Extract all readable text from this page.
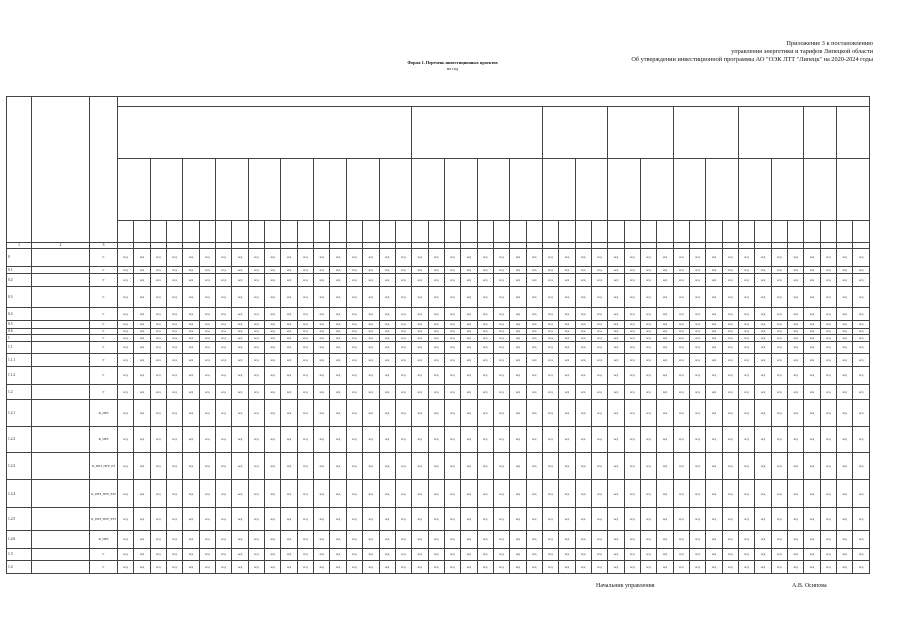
Приложение 3 к постановлению
управления энергетики и тарифов Липецкой области
Об утверждении инвестиционной программы АО "ОЭК ЛТТ "Липецк" на 2020-2024 годы
Форма 1. Перечень инвестиционных проектов
на год

1	2	3																																														
0		Г	н/д	н/д	н/д	н/д	н/д	н/д	н/д	н/д	н/д	н/д	н/д	н/д	н/д	н/д	н/д	н/д	н/д	н/д	н/д	н/д	н/д	н/д	н/д	н/д	н/д	н/д	н/д	н/д	н/д	н/д	н/д	н/д	н/д	н/д	н/д	н/д	н/д	н/д	н/д	н/д	н/д	н/д	н/д	н/д	н/д	н/д
0.1		Г	н/д	н/д	н/д	н/д	н/д	н/д	н/д	н/д	н/д	н/д	н/д	н/д	н/д	н/д	н/д	н/д	н/д	н/д	н/д	н/д	н/д	н/д	н/д	н/д	н/д	н/д	н/д	н/д	н/д	н/д	н/д	н/д	н/д	н/д	н/д	н/д	н/д	н/д	н/д	н/д	н/д	н/д	н/д	н/д	н/д	н/д
0.2		Г	н/д	н/д	н/д	н/д	н/д	н/д	н/д	н/д	н/д	н/д	н/д	н/д	н/д	н/д	н/д	н/д	н/д	н/д	н/д	н/д	н/д	н/д	н/д	н/д	н/д	н/д	н/д	н/д	н/д	н/д	н/д	н/д	н/д	н/д	н/д	н/д	н/д	н/д	н/д	н/д	н/д	н/д	н/д	н/д	н/д	н/д
0.3		Г	н/д	н/д	н/д	н/д	н/д	н/д	н/д	н/д	н/д	н/д	н/д	н/д	н/д	н/д	н/д	н/д	н/д	н/д	н/д	н/д	н/д	н/д	н/д	н/д	н/д	н/д	н/д	н/д	н/д	н/д	н/д	н/д	н/д	н/д	н/д	н/д	н/д	н/д	н/д	н/д	н/д	н/д	н/д	н/д	н/д	н/д
0.4		Г	н/д	н/д	н/д	н/д	н/д	н/д	н/д	н/д	н/д	н/д	н/д	н/д	н/д	н/д	н/д	н/д	н/д	н/д	н/д	н/д	н/д	н/д	н/д	н/д	н/д	н/д	н/д	н/д	н/д	н/д	н/д	н/д	н/д	н/д	н/д	н/д	н/д	н/д	н/д	н/д	н/д	н/д	н/д	н/д	н/д	н/д
0.5		Г	н/д	н/д	н/д	н/д	н/д	н/д	н/д	н/д	н/д	н/д	н/д	н/д	н/д	н/д	н/д	н/д	н/д	н/д	н/д	н/д	н/д	н/д	н/д	н/д	н/д	н/д	н/д	н/д	н/д	н/д	н/д	н/д	н/д	н/д	н/д	н/д	н/д	н/д	н/д	н/д	н/д	н/д	н/д	н/д	н/д	н/д
0.6		Г	н/д	н/д	н/д	н/д	н/д	н/д	н/д	н/д	н/д	н/д	н/д	н/д	н/д	н/д	н/д	н/д	н/д	н/д	н/д	н/д	н/д	н/д	н/д	н/д	н/д	н/д	н/д	н/д	н/д	н/д	н/д	н/д	н/д	н/д	н/д	н/д	н/д	н/д	н/д	н/д	н/д	н/д	н/д	н/д	н/д	н/д
1		Г	н/д	н/д	н/д	н/д	н/д	н/д	н/д	н/д	н/д	н/д	н/д	н/д	н/д	н/д	н/д	н/д	н/д	н/д	н/д	н/д	н/д	н/д	н/д	н/д	н/д	н/д	н/д	н/д	н/д	н/д	н/д	н/д	н/д	н/д	н/д	н/д	н/д	н/д	н/д	н/д	н/д	н/д	н/д	н/д	н/д	н/д
1.1		Г	н/д	н/д	н/д	н/д	н/д	н/д	н/д	н/д	н/д	н/д	н/д	н/д	н/д	н/д	н/д	н/д	н/д	н/д	н/д	н/д	н/д	н/д	н/д	н/д	н/д	н/д	н/д	н/д	н/д	н/д	н/д	н/д	н/д	н/д	н/д	н/д	н/д	н/д	н/д	н/д	н/д	н/д	н/д	н/д	н/д	н/д
1.1.1		Г	н/д	н/д	н/д	н/д	н/д	н/д	н/д	н/д	н/д	н/д	н/д	н/д	н/д	н/д	н/д	н/д	н/д	н/д	н/д	н/д	н/д	н/д	н/д	н/д	н/д	н/д	н/д	н/д	н/д	н/д	н/д	н/д	н/д	н/д	н/д	н/д	н/д	н/д	н/д	н/д	н/д	н/д	н/д	н/д	н/д	н/д
1.1.2		Г	н/д	н/д	н/д	н/д	н/д	н/д	н/д	н/д	н/д	н/д	н/д	н/д	н/д	н/д	н/д	н/д	н/д	н/д	н/д	н/д	н/д	н/д	н/д	н/д	н/д	н/д	н/д	н/д	н/д	н/д	н/д	н/д	н/д	н/д	н/д	н/д	н/д	н/д	н/д	н/д	н/д	н/д	н/д	н/д	н/д	н/д
1.2		Г	н/д	н/д	н/д	н/д	н/д	н/д	н/д	н/д	н/д	н/д	н/д	н/д	н/д	н/д	н/д	н/д	н/д	н/д	н/д	н/д	н/д	н/д	н/д	н/д	н/д	н/д	н/д	н/д	н/д	н/д	н/д	н/д	н/д	н/д	н/д	н/д	н/д	н/д	н/д	н/д	н/д	н/д	н/д	н/д	н/д	н/д
1.2.1		К_ПРЗ	н/д	н/д	н/д	н/д	н/д	н/д	н/д	н/д	н/д	н/д	н/д	н/д	н/д	н/д	н/д	н/д	н/д	н/д	н/д	н/д	н/д	н/д	н/д	н/д	н/д	н/д	н/д	н/д	н/д	н/д	н/д	н/д	н/д	н/д	н/д	н/д	н/д	н/д	н/д	н/д	н/д	н/д	н/д	н/д	н/д	н/д
1.2.2		К_ПРЗ	н/д	н/д	н/д	н/д	н/д	н/д	н/д	н/д	н/д	н/д	н/д	н/д	н/д	н/д	н/д	н/д	н/д	н/д	н/д	н/д	н/д	н/д	н/д	н/д	н/д	н/д	н/д	н/д	н/д	н/д	н/д	н/д	н/д	н/д	н/д	н/д	н/д	н/д	н/д	н/д	н/д	н/д	н/д	н/д	н/д	н/д
1.2.3		К_ПРЗ_ПТР_РЗ	н/д	н/д	н/д	н/д	н/д	н/д	н/д	н/д	н/д	н/д	н/д	н/д	н/д	н/д	н/д	н/д	н/д	н/д	н/д	н/д	н/д	н/д	н/д	н/д	н/д	н/д	н/д	н/д	н/д	н/д	н/д	н/д	н/д	н/д	н/д	н/д	н/д	н/д	н/д	н/д	н/д	н/д	н/д	н/д	н/д	н/д
1.2.4		К_ПРЗ_ПТР_РЗ2	н/д	н/д	н/д	н/д	н/д	н/д	н/д	н/д	н/д	н/д	н/д	н/д	н/д	н/д	н/д	н/д	н/д	н/д	н/д	н/д	н/д	н/д	н/д	н/д	н/д	н/д	н/д	н/д	н/д	н/д	н/д	н/д	н/д	н/д	н/д	н/д	н/д	н/д	н/д	н/д	н/д	н/д	н/д	н/д	н/д	н/д
1.2.5		К_ПРЗ_ПТР_РЗ3	н/д	н/д	н/д	н/д	н/д	н/д	н/д	н/д	н/д	н/д	н/д	н/д	н/д	н/д	н/д	н/д	н/д	н/д	н/д	н/д	н/д	н/д	н/д	н/д	н/д	н/д	н/д	н/д	н/д	н/д	н/д	н/д	н/д	н/д	н/д	н/д	н/д	н/д	н/д	н/д	н/д	н/д	н/д	н/д	н/д	н/д
1.2.6		К_ПРЗ	н/д	н/д	н/д	н/д	н/д	н/д	н/д	н/д	н/д	н/д	н/д	н/д	н/д	н/д	н/д	н/д	н/д	н/д	н/д	н/д	н/д	н/д	н/д	н/д	н/д	н/д	н/д	н/д	н/д	н/д	н/д	н/д	н/д	н/д	н/д	н/д	н/д	н/д	н/д	н/д	н/д	н/д	н/д	н/д	н/д	н/д
1.3		Г	н/д	н/д	н/д	н/д	н/д	н/д	н/д	н/д	н/д	н/д	н/д	н/д	н/д	н/д	н/д	н/д	н/д	н/д	н/д	н/д	н/д	н/д	н/д	н/д	н/д	н/д	н/д	н/д	н/д	н/д	н/д	н/д	н/д	н/д	н/д	н/д	н/д	н/д	н/д	н/д	н/д	н/д	н/д	н/д	н/д	н/д
1.4		Г	н/д	н/д	н/д	н/д	н/д	н/д	н/д	н/д	н/д	н/д	н/д	н/д	н/д	н/д	н/д	н/д	н/д	н/д	н/д	н/д	н/д	н/д	н/д	н/д	н/д	н/д	н/д	н/д	н/д	н/д	н/д	н/д	н/д	н/д	н/д	н/д	н/д	н/д	н/д	н/д	н/д	н/д	н/д	н/д	н/д	н/д
Начальник управления	А.В. Осипова
